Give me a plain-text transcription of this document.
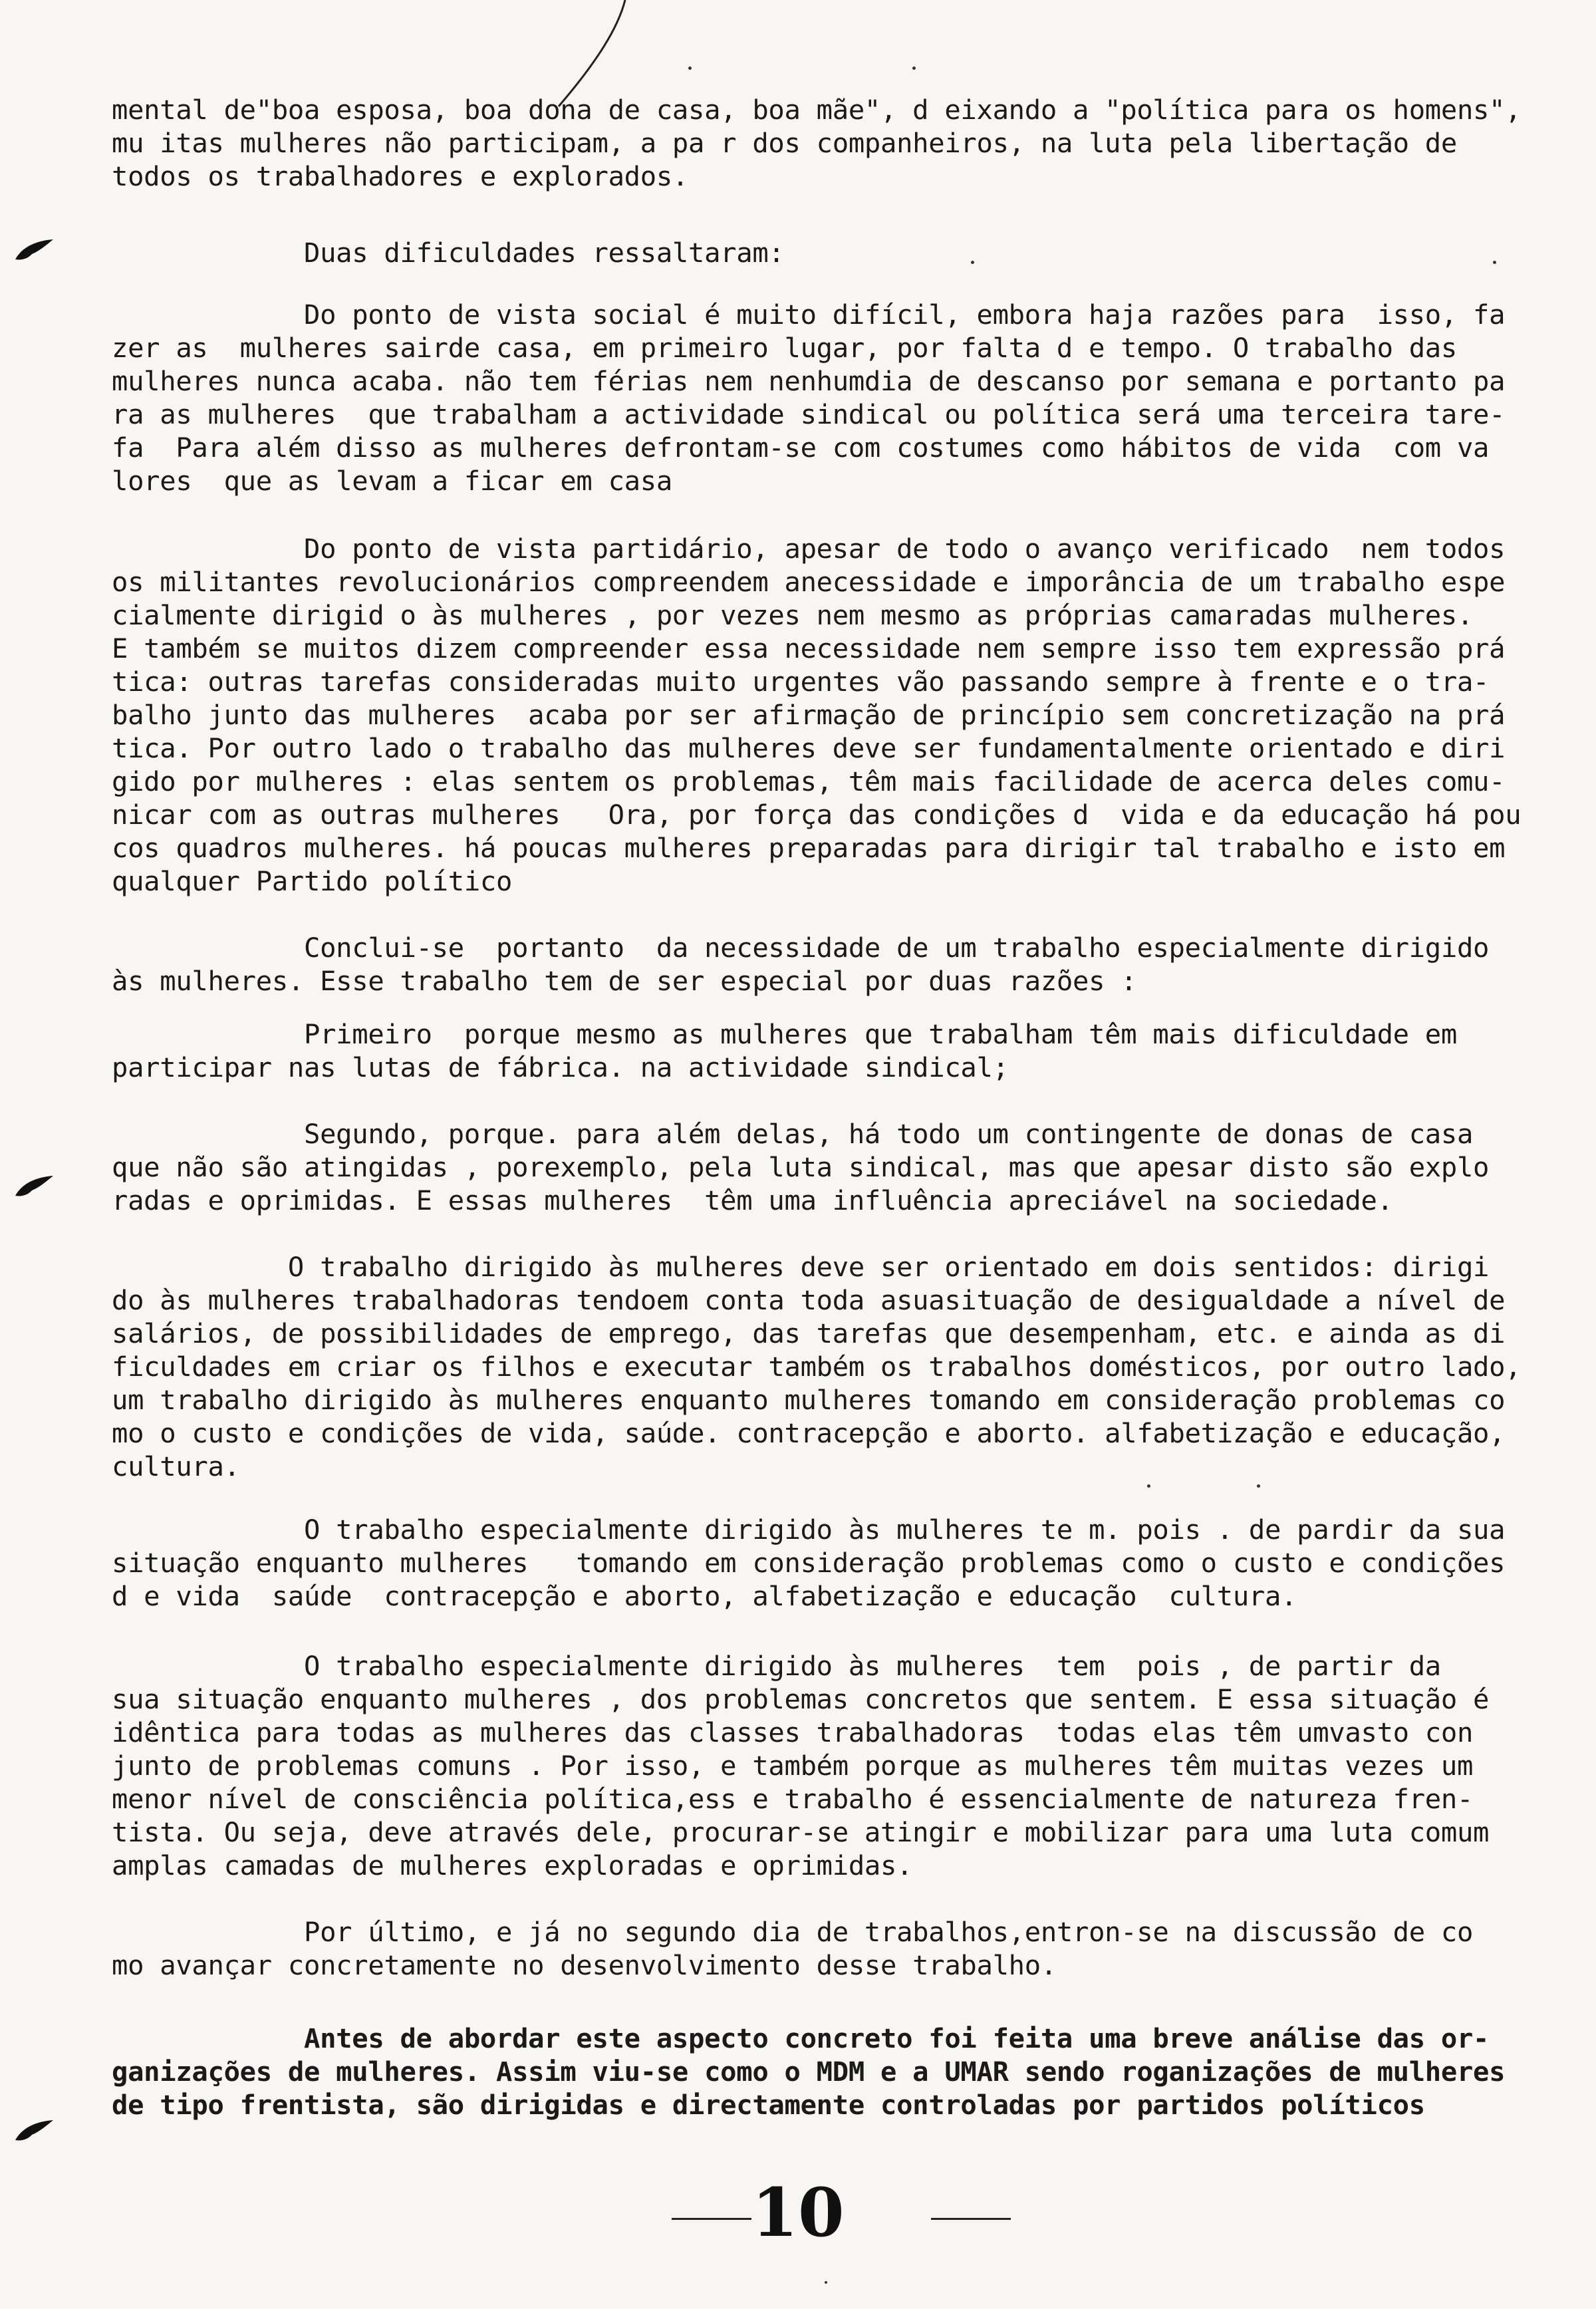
mental de"boa esposa, boa dona de casa, boa mãe", d eixando a "política para os homens",
mu itas mulheres não participam, a pa r dos companheiros, na luta pela libertação de
todos os trabalhadores e explorados.
Duas dificuldades ressaltaram:
Do ponto de vista social é muito difícil, embora haja razões para  isso, fa
zer as  mulheres sairde casa, em primeiro lugar, por falta d e tempo. O trabalho das
mulheres nunca acaba. não tem férias nem nenhumdia de descanso por semana e portanto pa
ra as mulheres  que trabalham a actividade sindical ou política será uma terceira tare-
fa  Para além disso as mulheres defrontam-se com costumes como hábitos de vida  com va
lores  que as levam a ficar em casa
Do ponto de vista partidário, apesar de todo o avanço verificado  nem todos
os militantes revolucionários compreendem anecessidade e imporância de um trabalho espe
cialmente dirigid o às mulheres , por vezes nem mesmo as próprias camaradas mulheres.
E também se muitos dizem compreender essa necessidade nem sempre isso tem expressão prá
tica: outras tarefas consideradas muito urgentes vão passando sempre à frente e o tra-
balho junto das mulheres  acaba por ser afirmação de princípio sem concretização na prá
tica. Por outro lado o trabalho das mulheres deve ser fundamentalmente orientado e diri
gido por mulheres : elas sentem os problemas, têm mais facilidade de acerca deles comu-
nicar com as outras mulheres   Ora, por força das condições d  vida e da educação há pou
cos quadros mulheres. há poucas mulheres preparadas para dirigir tal trabalho e isto em
qualquer Partido político
Conclui-se  portanto  da necessidade de um trabalho especialmente dirigido
às mulheres. Esse trabalho tem de ser especial por duas razões :
Primeiro  porque mesmo as mulheres que trabalham têm mais dificuldade em
participar nas lutas de fábrica. na actividade sindical;
Segundo, porque. para além delas, há todo um contingente de donas de casa
que não são atingidas , porexemplo, pela luta sindical, mas que apesar disto são explo
radas e oprimidas. E essas mulheres  têm uma influência apreciável na sociedade.
O trabalho dirigido às mulheres deve ser orientado em dois sentidos: dirigi
do às mulheres trabalhadoras tendoem conta toda asuasituação de desigualdade a nível de
salários, de possibilidades de emprego, das tarefas que desempenham, etc. e ainda as di
ficuldades em criar os filhos e executar também os trabalhos domésticos, por outro lado,
um trabalho dirigido às mulheres enquanto mulheres tomando em consideração problemas co
mo o custo e condições de vida, saúde. contracepção e aborto. alfabetização e educação,
cultura.
O trabalho especialmente dirigido às mulheres te m. pois . de pardir da sua
situação enquanto mulheres   tomando em consideração problemas como o custo e condições
d e vida  saúde  contracepção e aborto, alfabetização e educação  cultura.
O trabalho especialmente dirigido às mulheres  tem  pois , de partir da
sua situação enquanto mulheres , dos problemas concretos que sentem. E essa situação é
idêntica para todas as mulheres das classes trabalhadoras  todas elas têm umvasto con
junto de problemas comuns . Por isso, e também porque as mulheres têm muitas vezes um
menor nível de consciência política,ess e trabalho é essencialmente de natureza fren-
tista. Ou seja, deve através dele, procurar-se atingir e mobilizar para uma luta comum
amplas camadas de mulheres exploradas e oprimidas.
Por último, e já no segundo dia de trabalhos,entron-se na discussão de co
mo avançar concretamente no desenvolvimento desse trabalho.
Antes de abordar este aspecto concreto foi feita uma breve análise das or-
ganizações de mulheres. Assim viu-se como o MDM e a UMAR sendo roganizações de mulheres
de tipo frentista, são dirigidas e directamente controladas por partidos políticos
10
